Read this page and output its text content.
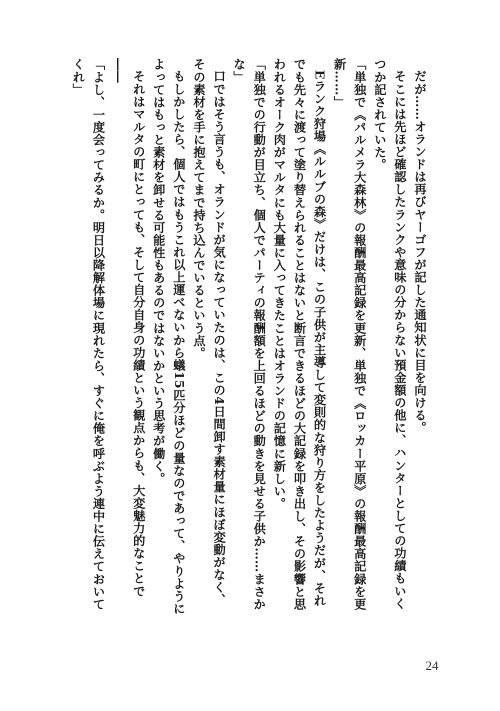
だが……オランドは再びヤーゴフが記した通知状に目を向ける。
そこには先ほど確認したランクや意味の分からない預金額の他に、ハンターとしての功績もいく
つか記されていた。
「単独で《パルメラ大森林》の報酬最高記録を更新、単独で《ロッカー平原》の報酬最高記録を更
新……」
Eランク狩場《ルルブの森》だけは、この子供が主導して変則的な狩り方をしたようだが、それ
でも先々に渡って塗り替えられることはないと断言できるほどの大記録を叩き出し、その影響と思
われるオーク肉がマルタにも大量に入ってきたことはオランドの記憶に新しい。
「単独での行動が目立ち、個人でパーティの報酬額を上回るほどの動きを見せる子供か……まさか
な」
口ではそう言うも、オランドが気になっていたのは、この4日間卸す素材量にほぼ変動がなく、
その素材を手に抱えてまで持ち込んでいるという点。
もしかしたら、個人ではもうこれ以上運べないから蟻15匹分ほどの量なのであって、やりように
よってはもっと素材を卸せる可能性もあるのではないかという思考が働く。
それはマルタの町にとっても、そして自分自身の功績という観点からも、大変魅力的なことで
――
「よし、一度会ってみるか。明日以降解体場に現れたら、すぐに俺を呼ぶよう連中に伝えておいて
くれ」
24
